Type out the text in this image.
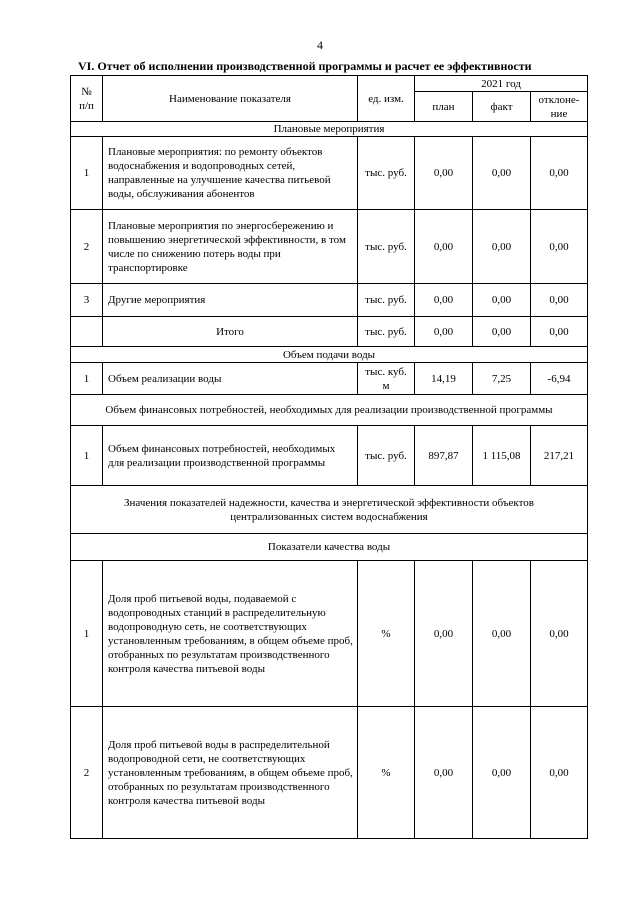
4
VI. Отчет об исполнении производственной программы и расчет ее эффективности
№
п/п	Наименование показателя	ед. изм.	2021 год		
			план	факт	отклоне-
ние
Плановые мероприятия					
1	Плановые мероприятия: по ремонту объектов водоснабжения и водопроводных сетей, направленные на улучшение качества питьевой воды, обслуживания абонентов	тыс. руб.	0,00	0,00	0,00
2	Плановые мероприятия по энергосбережению и повышению энергетической эффективности, в том числе по снижению потерь воды при транспортировке	тыс. руб.	0,00	0,00	0,00
3	Другие мероприятия	тыс. руб.	0,00	0,00	0,00
	Итого	тыс. руб.	0,00	0,00	0,00
Объем подачи воды					
1	Объем реализации воды	тыс. куб. м	14,19	7,25	-6,94
Объем финансовых потребностей, необходимых для реализации производственной программы					
1	Объем финансовых потребностей, необходимых для реализации производственной программы	тыс. руб.	897,87	1 115,08	217,21
Значения показателей надежности, качества и энергетической эффективности объектов централизованных систем водоснабжения					
Показатели качества воды					
1	Доля проб питьевой воды, подаваемой с водопроводных станций в распределительную водопроводную сеть, не соответствующих установленным требованиям, в общем объеме проб, отобранных по результатам производственного контроля качества питьевой воды	%	0,00	0,00	0,00
2	Доля проб питьевой воды в распределительной водопроводной сети, не соответствующих установленным требованиям, в общем объеме проб, отобранных по результатам производственного контроля качества питьевой воды	%	0,00	0,00	0,00
